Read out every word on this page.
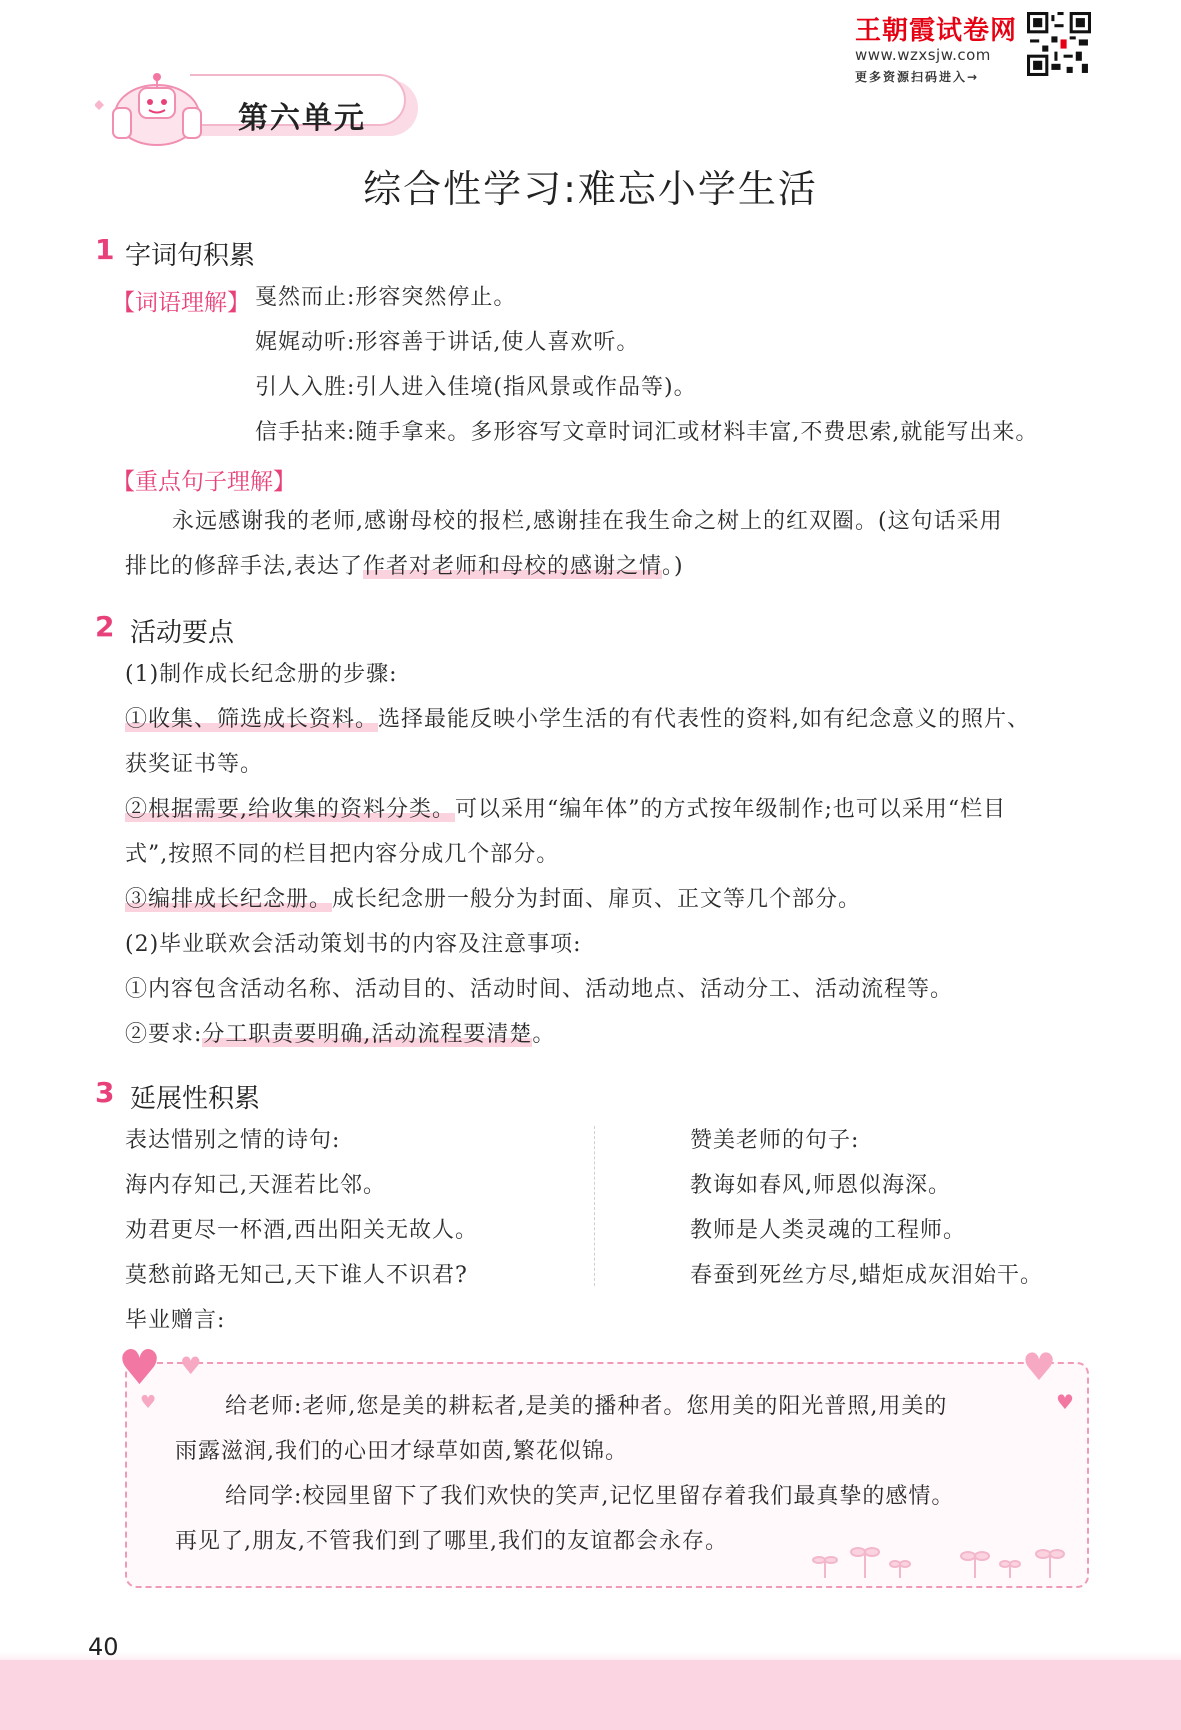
王朝霞试卷网
www.wzxsjw.com
更多资源扫码进入→
第六单元
综合性学习:难忘小学生活
1 字词句积累
【词语理解】 戛然而止:形容突然停止。
娓娓动听:形容善于讲话,使人喜欢听。
引人入胜:引人进入佳境(指风景或作品等)。
信手拈来:随手拿来。多形容写文章时词汇或材料丰富,不费思索,就能写出来。
【重点句子理解】
永远感谢我的老师,感谢母校的报栏,感谢挂在我生命之树上的红双圈。(这句话采用
排比的修辞手法,表达了作者对老师和母校的感谢之情。)
2 活动要点
(1)制作成长纪念册的步骤:
①收集、筛选成长资料。选择最能反映小学生活的有代表性的资料,如有纪念意义的照片、
获奖证书等。
②根据需要,给收集的资料分类。可以采用“编年体”的方式按年级制作;也可以采用“栏目
式”,按照不同的栏目把内容分成几个部分。
③编排成长纪念册。成长纪念册一般分为封面、扉页、正文等几个部分。
(2)毕业联欢会活动策划书的内容及注意事项:
①内容包含活动名称、活动目的、活动时间、活动地点、活动分工、活动流程等。
②要求:分工职责要明确,活动流程要清楚。
3 延展性积累
表达惜别之情的诗句:
海内存知己,天涯若比邻。
劝君更尽一杯酒,西出阳关无故人。
莫愁前路无知己,天下谁人不识君?
赞美老师的句子:
教诲如春风,师恩似海深。
教师是人类灵魂的工程师。
春蚕到死丝方尽,蜡炬成灰泪始干。
毕业赠言:
♥ ♥
♥
♥
♥
给老师:老师,您是美的耕耘者,是美的播种者。您用美的阳光普照,用美的
雨露滋润,我们的心田才绿草如茵,繁花似锦。
给同学:校园里留下了我们欢快的笑声,记忆里留存着我们最真挚的感情。
再见了,朋友,不管我们到了哪里,我们的友谊都会永存。
40
